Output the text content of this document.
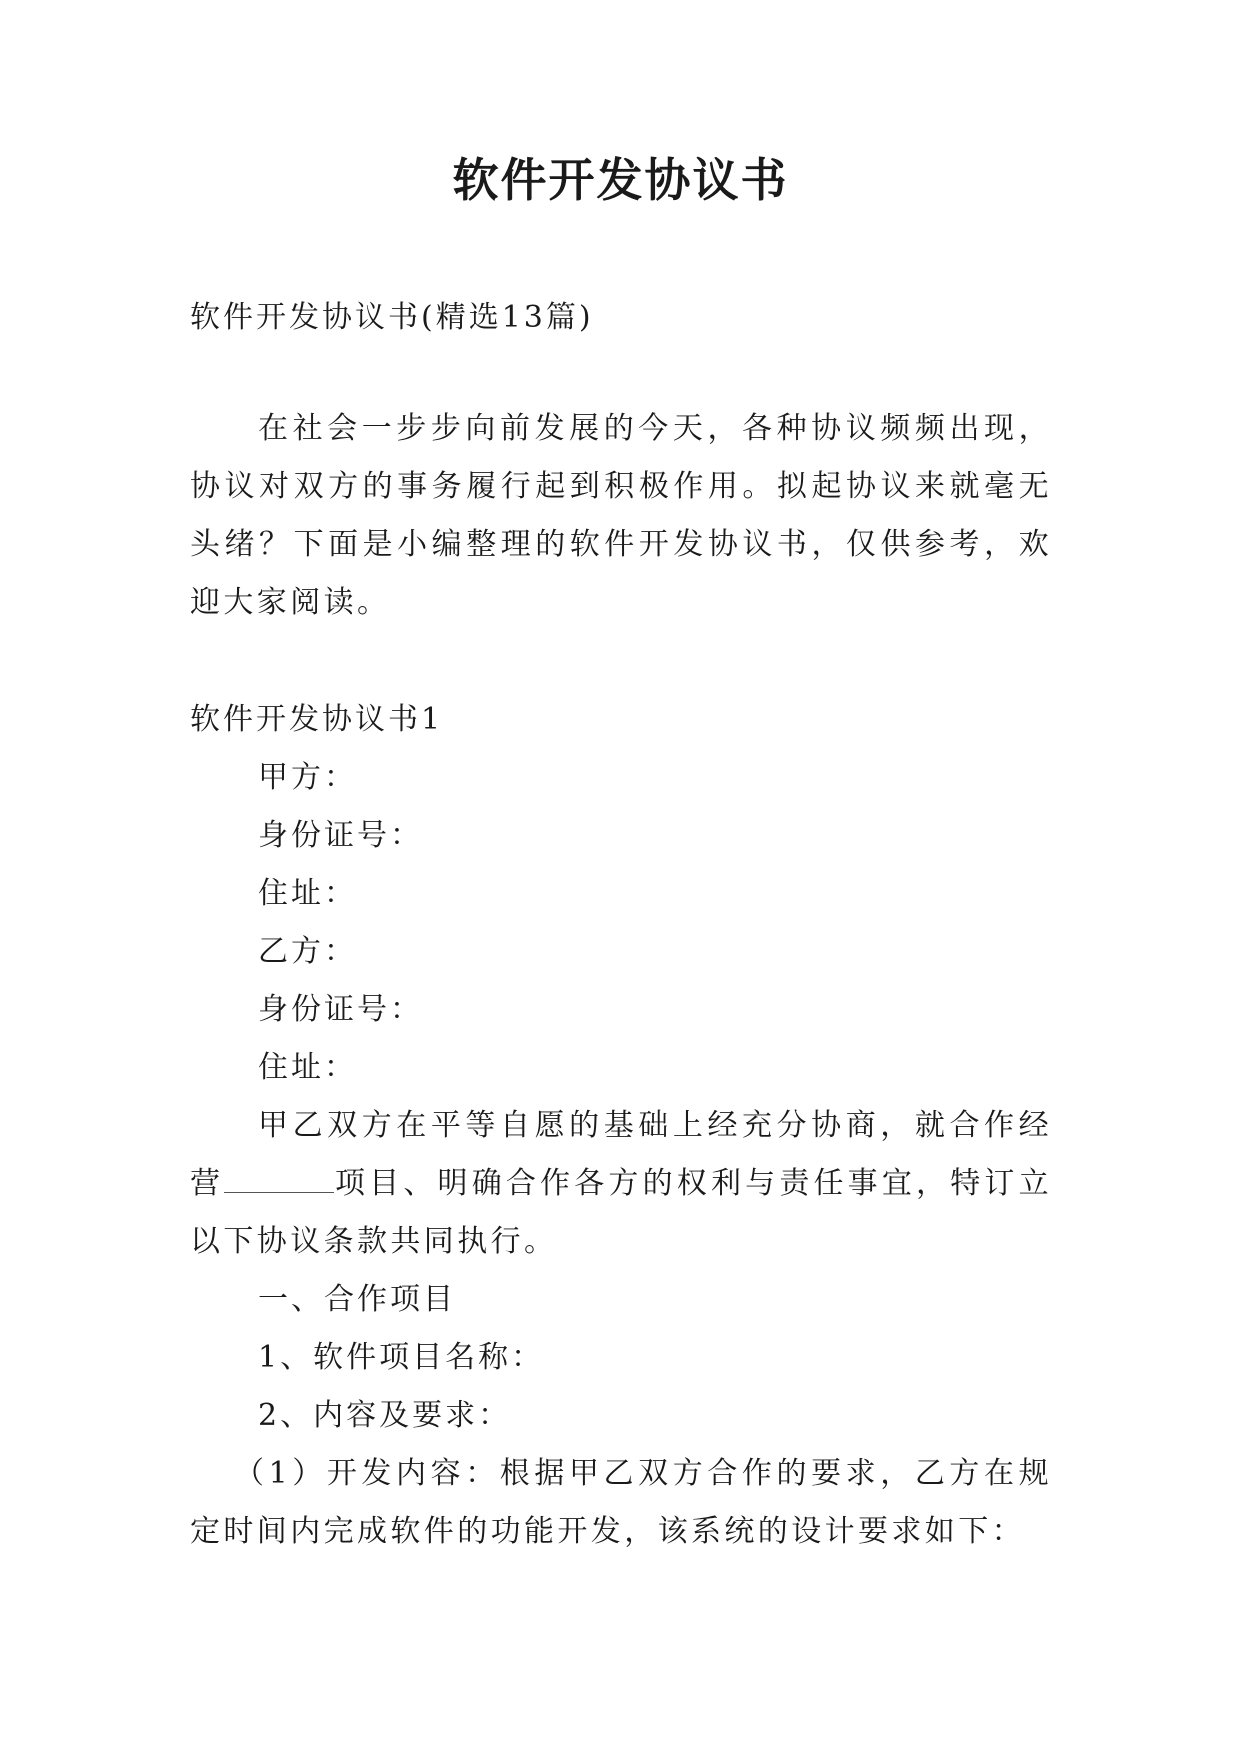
软件开发协议书
软件开发协议书(精选13篇)

在社会一步步向前发展的今天，各种协议频频出现，协议对双方的事务履行起到积极作用。拟起协议来就毫无头绪？下面是小编整理的软件开发协议书，仅供参考，欢迎大家阅读。

软件开发协议书1
甲方：
身份证号：
住址：
乙方：
身份证号：
住址：

甲乙双方在平等自愿的基础上经充分协商，就合作经营	项目、明确合作各方的权利与责任事宜，特订立以下协议条款共同执行。

一、合作项目
1、软件项目名称：
2、内容及要求：

（1）开发内容：根据甲乙双方合作的要求，乙方在规定时间内完成软件的功能开发，该系统的设计要求如下：
